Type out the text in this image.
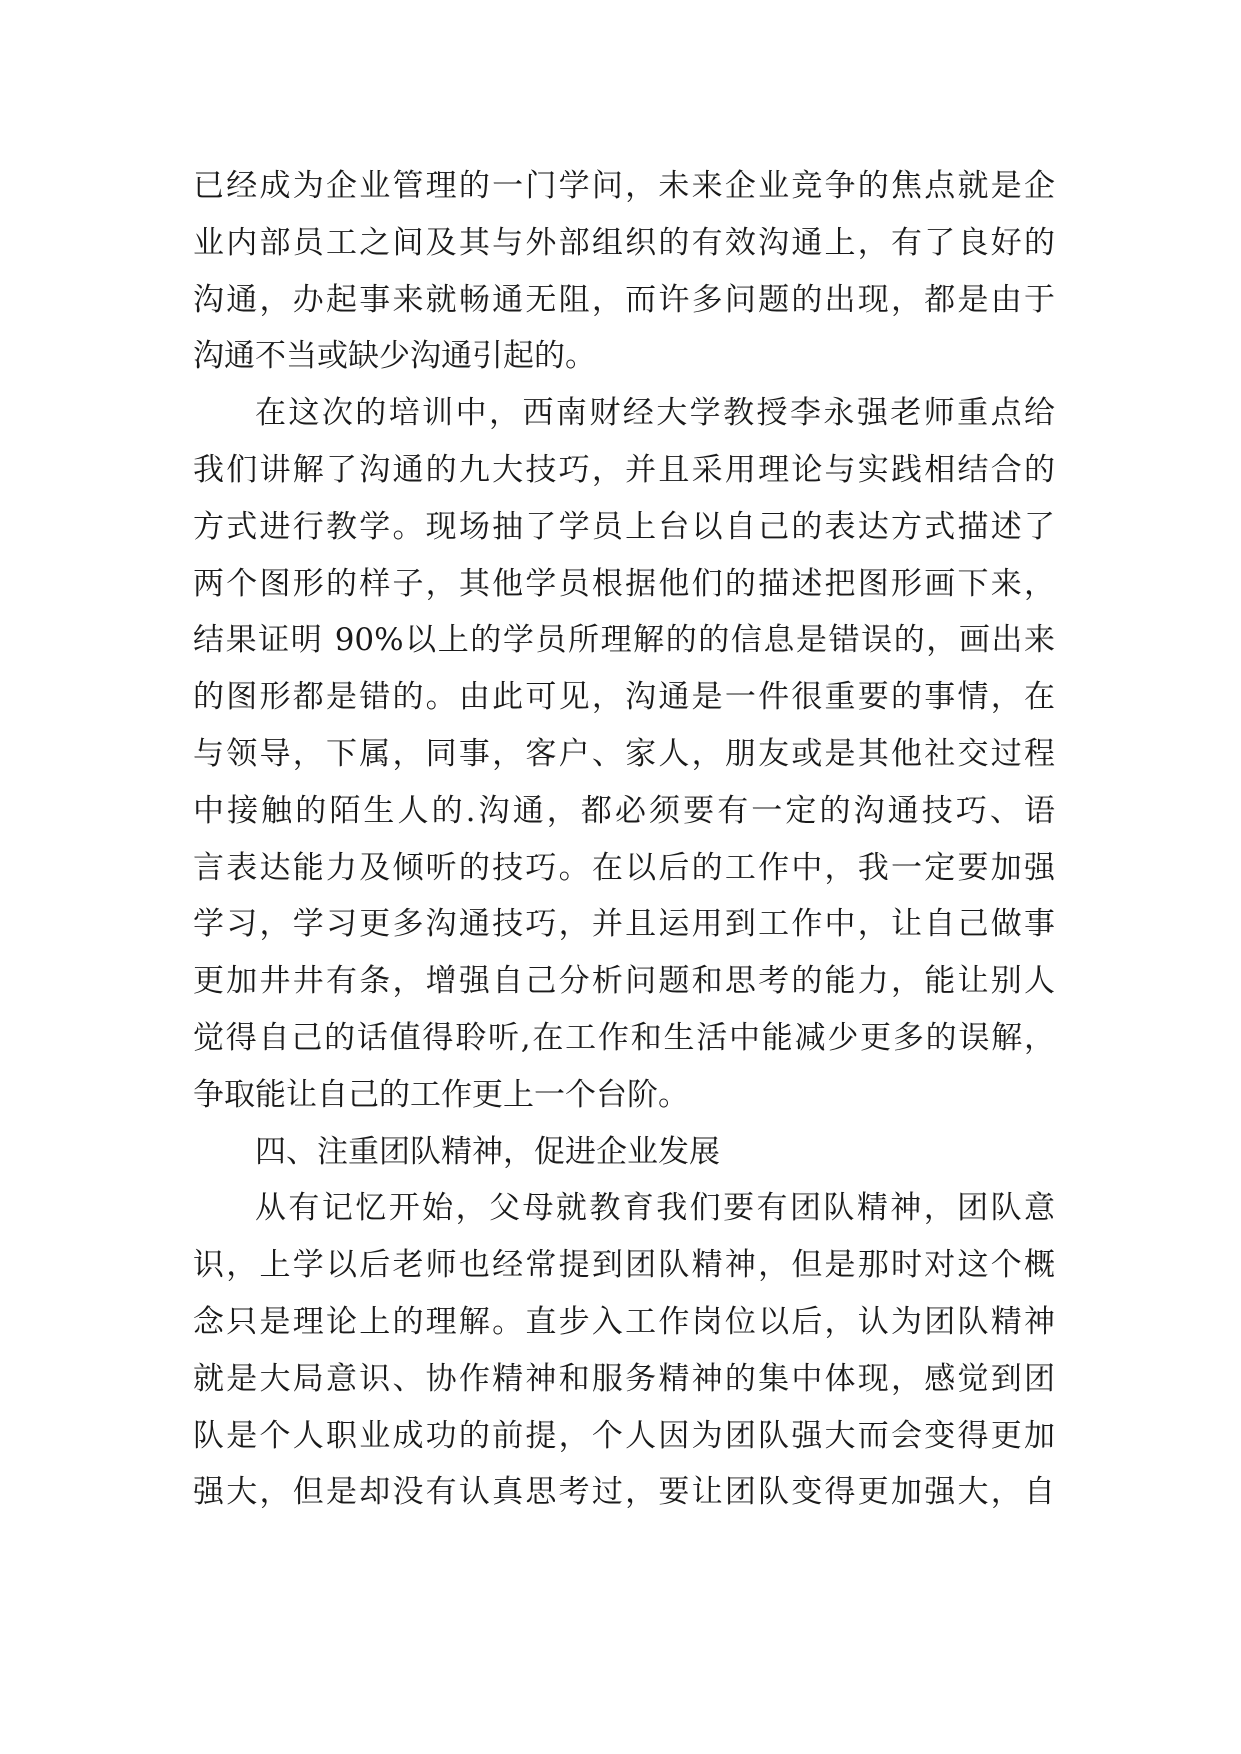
已经成为企业管理的一门学问，未来企业竞争的焦点就是企
业内部员工之间及其与外部组织的有效沟通上，有了良好的
沟通，办起事来就畅通无阻，而许多问题的出现，都是由于
沟通不当或缺少沟通引起的。
在这次的培训中，西南财经大学教授李永强老师重点给
我们讲解了沟通的九大技巧，并且采用理论与实践相结合的
方式进行教学。现场抽了学员上台以自己的表达方式描述了
两个图形的样子，其他学员根据他们的描述把图形画下来，
结果证明 90%以上的学员所理解的的信息是错误的，画出来
的图形都是错的。由此可见，沟通是一件很重要的事情，在
与领导，下属，同事，客户、家人，朋友或是其他社交过程
中接触的陌生人的.沟通，都必须要有一定的沟通技巧、语
言表达能力及倾听的技巧。在以后的工作中，我一定要加强
学习，学习更多沟通技巧，并且运用到工作中，让自己做事
更加井井有条，增强自己分析问题和思考的能力，能让别人
觉得自己的话值得聆听,在工作和生活中能减少更多的误解，
争取能让自己的工作更上一个台阶。
四、注重团队精神，促进企业发展
从有记忆开始，父母就教育我们要有团队精神，团队意
识，上学以后老师也经常提到团队精神，但是那时对这个概
念只是理论上的理解。直步入工作岗位以后，认为团队精神
就是大局意识、协作精神和服务精神的集中体现，感觉到团
队是个人职业成功的前提，个人因为团队强大而会变得更加
强大，但是却没有认真思考过，要让团队变得更加强大，自
